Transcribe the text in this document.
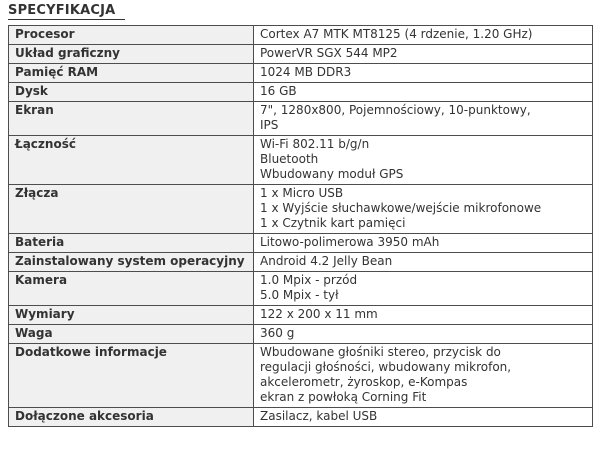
SPECYFIKACJA
Procesor	Cortex A7 MTK MT8125 (4 rdzenie, 1.20 GHz)

Układ graficzny	PowerVR SGX 544 MP2

Pamięć RAM	1024 MB DDR3

Dysk	16 GB

Ekran	7", 1280x800, Pojemnościowy, 10-punktowy,
IPS

Łączność	Wi-Fi 802.11 b/g/n
Bluetooth
Wbudowany moduł GPS

Złącza	1 x Micro USB
1 x Wyjście słuchawkowe/wejście mikrofonowe
1 x Czytnik kart pamięci

Bateria	Litowo-polimerowa 3950 mAh

Zainstalowany system operacyjny	Android 4.2 Jelly Bean

Kamera	1.0 Mpix - przód
5.0 Mpix - tył

Wymiary	122 x 200 x 11 mm

Waga	360 g

Dodatkowe informacje	Wbudowane głośniki stereo, przycisk do
regulacji głośności, wbudowany mikrofon,
akcelerometr, żyroskop, e-Kompas
ekran z powłoką Corning Fit

Dołączone akcesoria	Zasilacz, kabel USB
